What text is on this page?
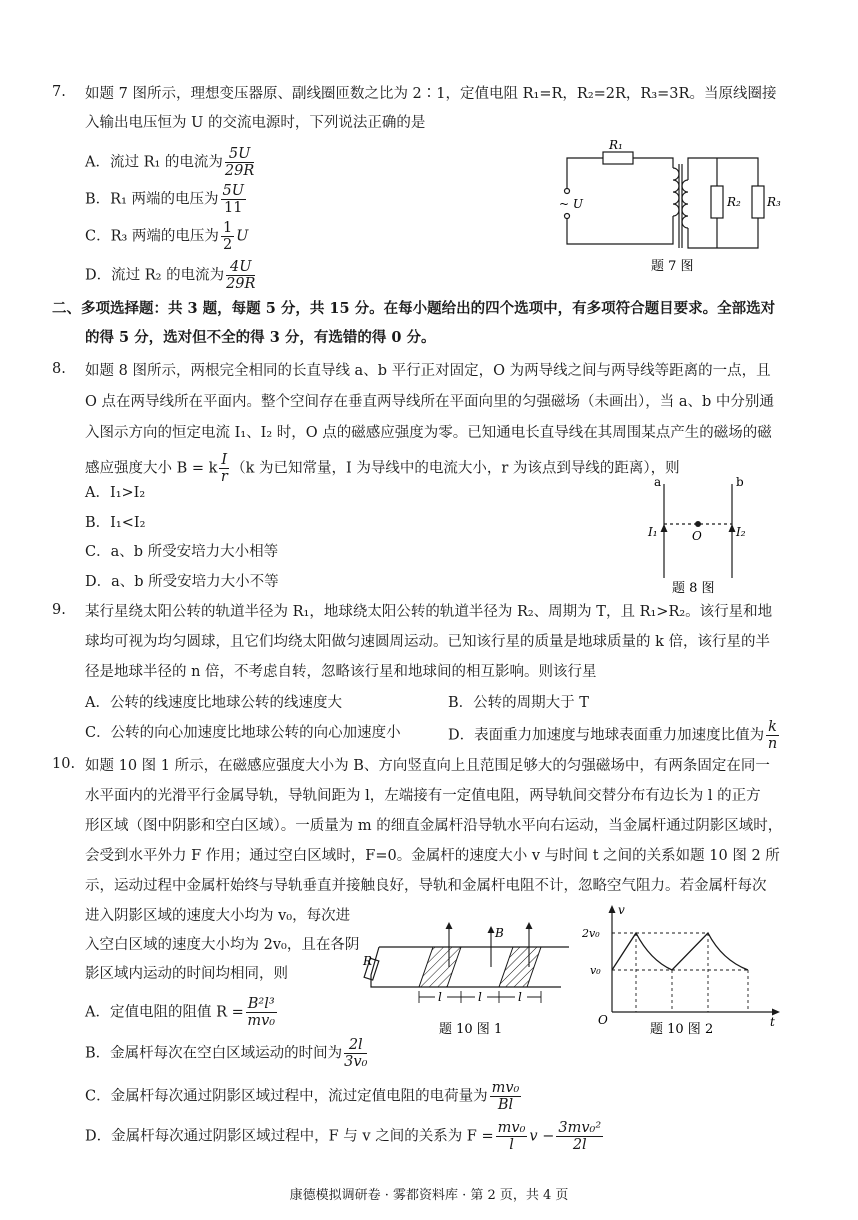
7. 如题 7 图所示，理想变压器原、副线圈匝数之比为 2∶1，定值电阻 R₁=R，R₂=2R，R₃=3R。当原线圈接
入输出电压恒为 U 的交流电源时，下列说法正确的是
A．流过 R₁ 的电流为 $\frac{5U}{29R}$
B．R₁ 两端的电压为 $\frac{5U}{11}$
C．R₃ 两端的电压为 $\frac{1}{2}$ U
D．流过 R₂ 的电流为 $\frac{4U}{29R}$
R₁
R₂ R₃
~ U
题 7 图
二、多项选择题：共 3 题，每题 5 分，共 15 分。在每小题给出的四个选项中，有多项符合题目要求。全部选对
的得 5 分，选对但不全的得 3 分，有选错的得 0 分。
8. 如题 8 图所示，两根完全相同的长直导线 a、b 平行正对固定，O 为两导线之间与两导线等距离的一点，且
O 点在两导线所在平面内。整个空间存在垂直两导线所在平面向里的匀强磁场（未画出），当 a、b 中分别通
入图示方向的恒定电流 I₁、I₂ 时，O 点的磁感应强度为零。已知通电长直导线在其周围某点产生的磁场的磁
感应强度大小 B = k $\frac{I}{r} (k$ 为已知常量，I 为导线中的电流大小，r 为该点到导线的距离），则
A．I₁>I₂
B．I₁<I₂
C．a、b 所受安培力大小相等
D．a、b 所受安培力大小不等
a	b
I₁	I₂
O
题 8 图
9. 某行星绕太阳公转的轨道半径为 R₁，地球绕太阳公转的轨道半径为 R₂、周期为 T，且 R₁>R₂。该行星和地
球均可视为均匀圆球，且它们均绕太阳做匀速圆周运动。已知该行星的质量是地球质量的 k 倍，该行星的半
径是地球半径的 n 倍，不考虑自转，忽略该行星和地球间的相互影响。则该行星
A．公转的线速度比地球公转的线速度大	B．公转的周期大于 T
C．公转的向心加速度比地球公转的向心加速度小	D．表面重力加速度与地球表面重力加速度比值为 $\frac{k}{n}$
10. 如题 10 图 1 所示，在磁感应强度大小为 B、方向竖直向上且范围足够大的匀强磁场中，有两条固定在同一
水平面内的光滑平行金属导轨，导轨间距为 l，左端接有一定值电阻，两导轨间交替分布有边长为 l 的正方
形区域（图中阴影和空白区域）。一质量为 m 的细直金属杆沿导轨水平向右运动，当金属杆通过阴影区域时，
会受到水平外力 F 作用；通过空白区域时，F=0。金属杆的速度大小 v 与时间 t 之间的关系如题 10 图 2 所
示，运动过程中金属杆始终与导轨垂直并接触良好，导轨和金属杆电阻不计，忽略空气阻力。若金属杆每次
进入阴影区域的速度大小均为 v₀，每次进
入空白区域的速度大小均为 2v₀，且在各阴
影区域内运动的时间均相同，则
A．定值电阻的阻值 $R = \frac{\text{B²l³}}{\text{mv₀}}$
B．金属杆每次在空白区域运动的时间为 $\frac{2l}{\text{3v₀}}$
C．金属杆每次通过阴影区域过程中，流过定值电阻的电荷量为 $\frac{\text{mv₀}}{Bl}$
D．金属杆每次通过阴影区域过程中，F 与 v 之间的关系为 $F = \frac{\text{mv₀}}{l}$ $v - \frac{\text{3mv₀²}}{2l}$
R
B
l	l	l
题 10 图 1
v
t
O
2v₀
v₀
题 10 图 2
康德模拟调研卷 · 雾都资料库 · 第 2 页，共 4 页
